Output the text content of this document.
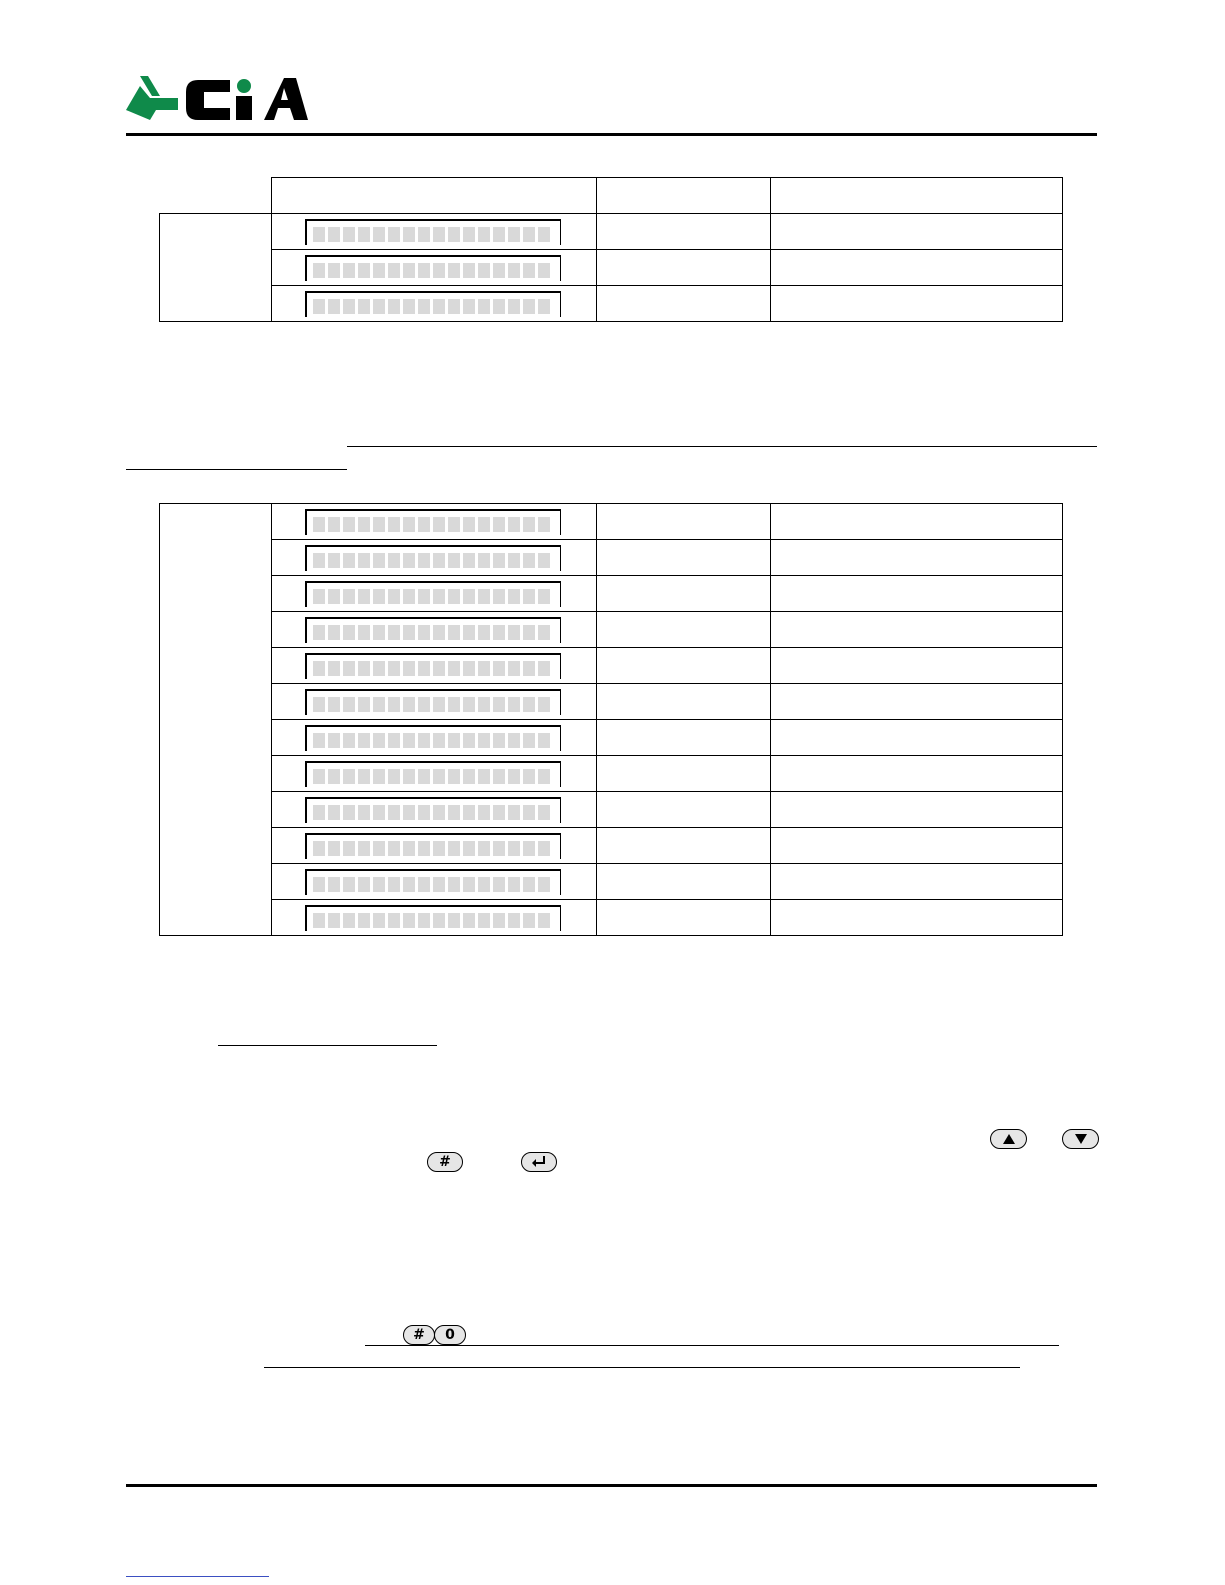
#
# 0
